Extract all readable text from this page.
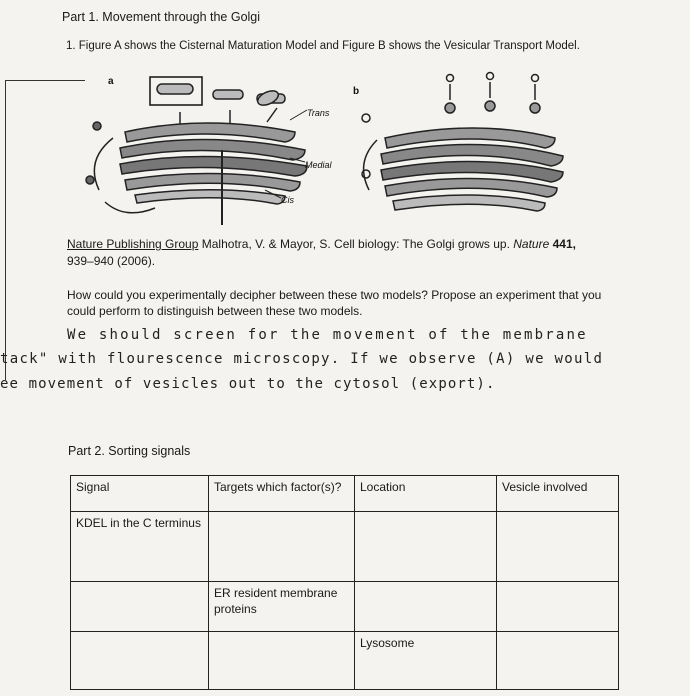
Part 1. Movement through the Golgi
1. Figure A shows the Cisternal Maturation Model and Figure B shows the Vesicular Transport Model.
a
Trans
Medial
Cis
b
Nature Publishing Group Malhotra, V. & Mayor, S. Cell biology: The Golgi grows up. Nature 441,
939–940 (2006).
How could you experimentally decipher between these two models? Propose an experiment that you could perform to distinguish between these two models.
We should screen for the movement of the membrane
tack" with flourescence microscopy. If we observe (A) we would
ee movement of vesicles out to the cytosol (export).
Part 2. Sorting signals
Signal	Targets which factor(s)?	Location	Vesicle involved
KDEL in the C terminus			
	ER resident membrane proteins		
		Lysosome	
